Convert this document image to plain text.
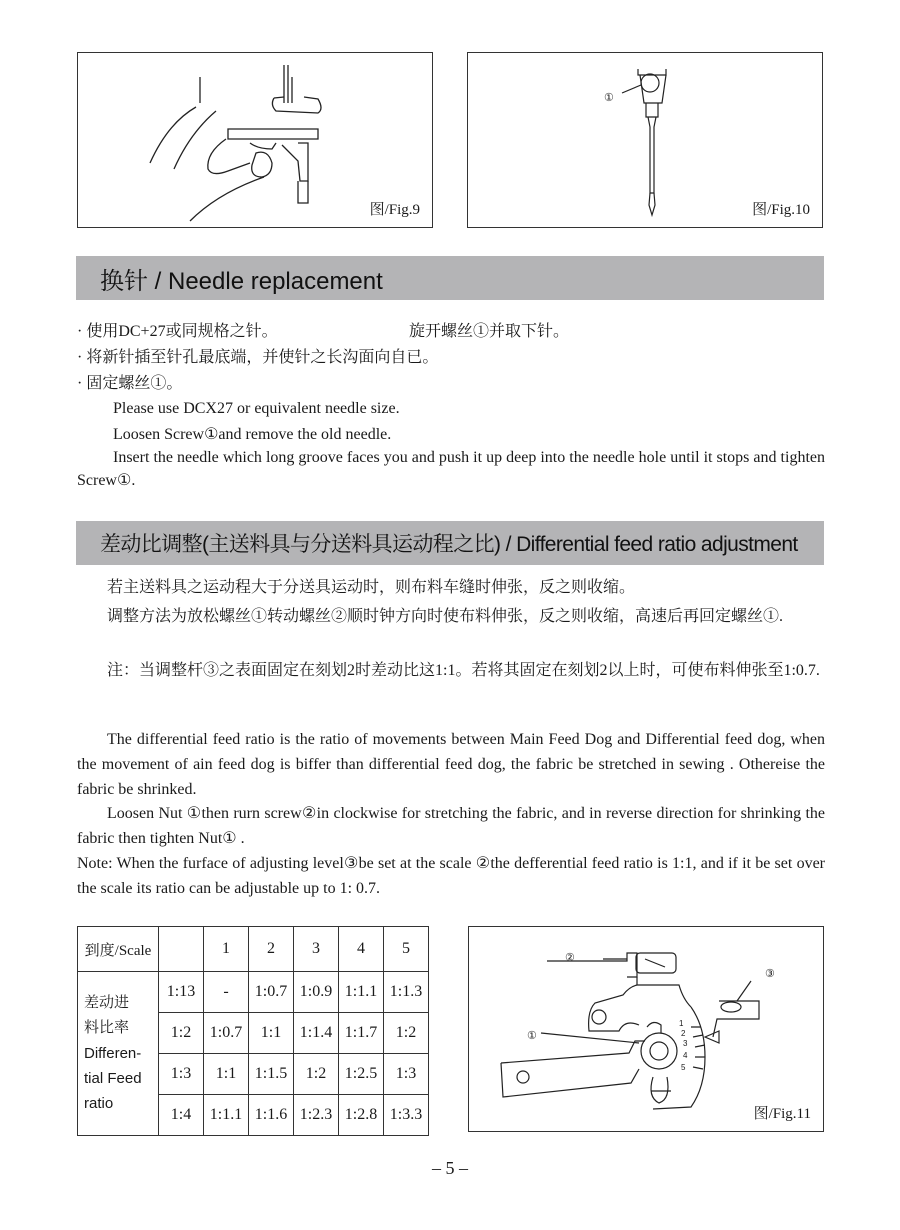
图/Fig.9
①
图/Fig.10
换针 / Needle replacement
· 使用DC+27或同规格之针。	旋开螺丝①并取下针。
· 将新针插至针孔最底端，并使针之长沟面向自已。
· 固定螺丝①。
Please use DCX27 or equivalent needle size.
Loosen Screw①and remove the old needle.
Insert the needle which long groove faces you and push it up deep into the needle hole until it stops and tighten Screw①.
差动比调整(主送料具与分送料具运动程之比) / Differential feed ratio adjustment
若主送料具之运动程大于分送具运动时，则布料车缝时伸张，反之则收缩。
调整方法为放松螺丝①转动螺丝②顺时钟方向时使布料伸张，反之则收缩，高速后再回定螺丝①.
注：当调整杆③之表面固定在刻划2时差动比这1:1。若将其固定在刻划2以上时，可使布料伸张至1:0.7.
The differential feed ratio is the ratio of movements between Main Feed Dog and Differential feed dog, when the movement of ain feed dog is biffer than differential feed dog, the fabric be stretched in sewing . Othereise the fabric be shrinked.
Loosen Nut ①then rurn screw②in clockwise for stretching the fabric, and in reverse direction for shrinking the fabric then tighten Nut① .
Note: When the furface of adjusting level③be set at the scale ②the defferential feed ratio is 1:1, and if it be set over the scale its ratio can be adjustable up to 1: 0.7.
到度/Scale		1	2	3	4	5

差动进
料比率
Differen-
tial Feed
ratio	1:13	-	1:0.7	1:0.9	1:1.1	1:1.3
	1:2	1:0.7	1:1	1:1.4	1:1.7	1:2
	1:3	1:1	1:1.5	1:2	1:2.5	1:3
	1:4	1:1.1	1:1.6	1:2.3	1:2.8	1:3.3
②
③
①
1
2
3
4
5
图/Fig.11
– 5 –
